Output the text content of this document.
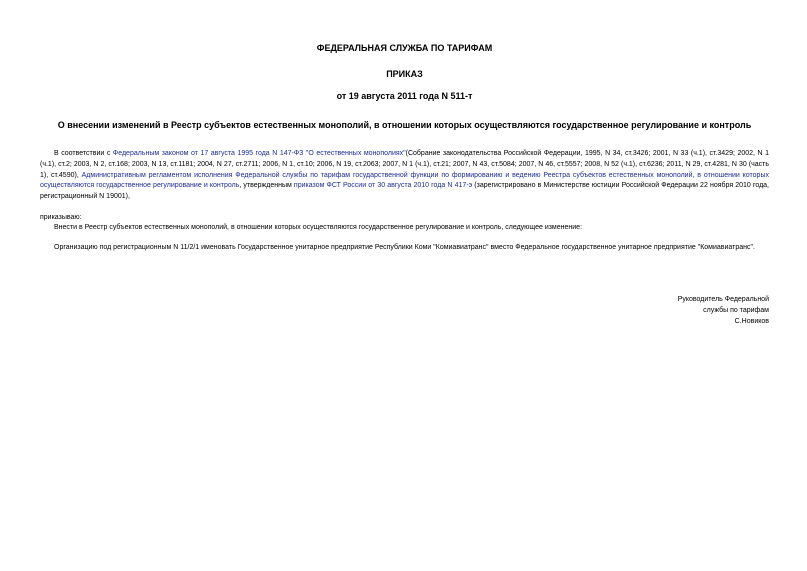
ФЕДЕРАЛЬНАЯ СЛУЖБА ПО ТАРИФАМ
ПРИКАЗ
от 19 августа 2011 года N 511-т
О внесении изменений в Реестр субъектов естественных монополий, в отношении которых осуществляются государственное регулирование и контроль

В соответствии с Федеральным законом от 17 августа 1995 года N 147-ФЗ "О естественных монополиях"(Собрание законодательства Российской Федерации, 1995, N 34, ст.3426; 2001, N 33 (ч.1), ст.3429; 2002, N 1 (ч.1), ст.2; 2003, N 2, ст.168; 2003, N 13, ст.1181; 2004, N 27, ст.2711; 2006, N 1, ст.10; 2006, N 19, ст.2063; 2007, N 1 (ч.1), ст.21; 2007, N 43, ст.5084; 2007, N 46, ст.5557; 2008, N 52 (ч.1), ст.6236; 2011, N 29, ст.4281, N 30 (часть 1), ст.4590), Административным регламентом исполнения Федеральной службы по тарифам государственной функции по формированию и ведению Реестра субъектов естественных монополий, в отношении которых осуществляются государственное регулирование и контроль, утвержденным приказом ФСТ России от 30 августа 2010 года N 417-э (зарегистрировано в Министерстве юстиции Российской Федерации 22 ноября 2010 года, регистрационный N 19001),

приказываю:

Внести в Реестр субъектов естественных монополий, в отношении которых осуществляются государственное регулирование и контроль, следующее изменение:

Организацию под регистрационным N 11/2/1 именовать Государственное унитарное предприятие Республики Коми "Комиавиатранс" вместо Федеральное государственное унитарное предприятие "Комиавиатранс".

Руководитель Федеральной
службы по тарифам
С.Новиков
